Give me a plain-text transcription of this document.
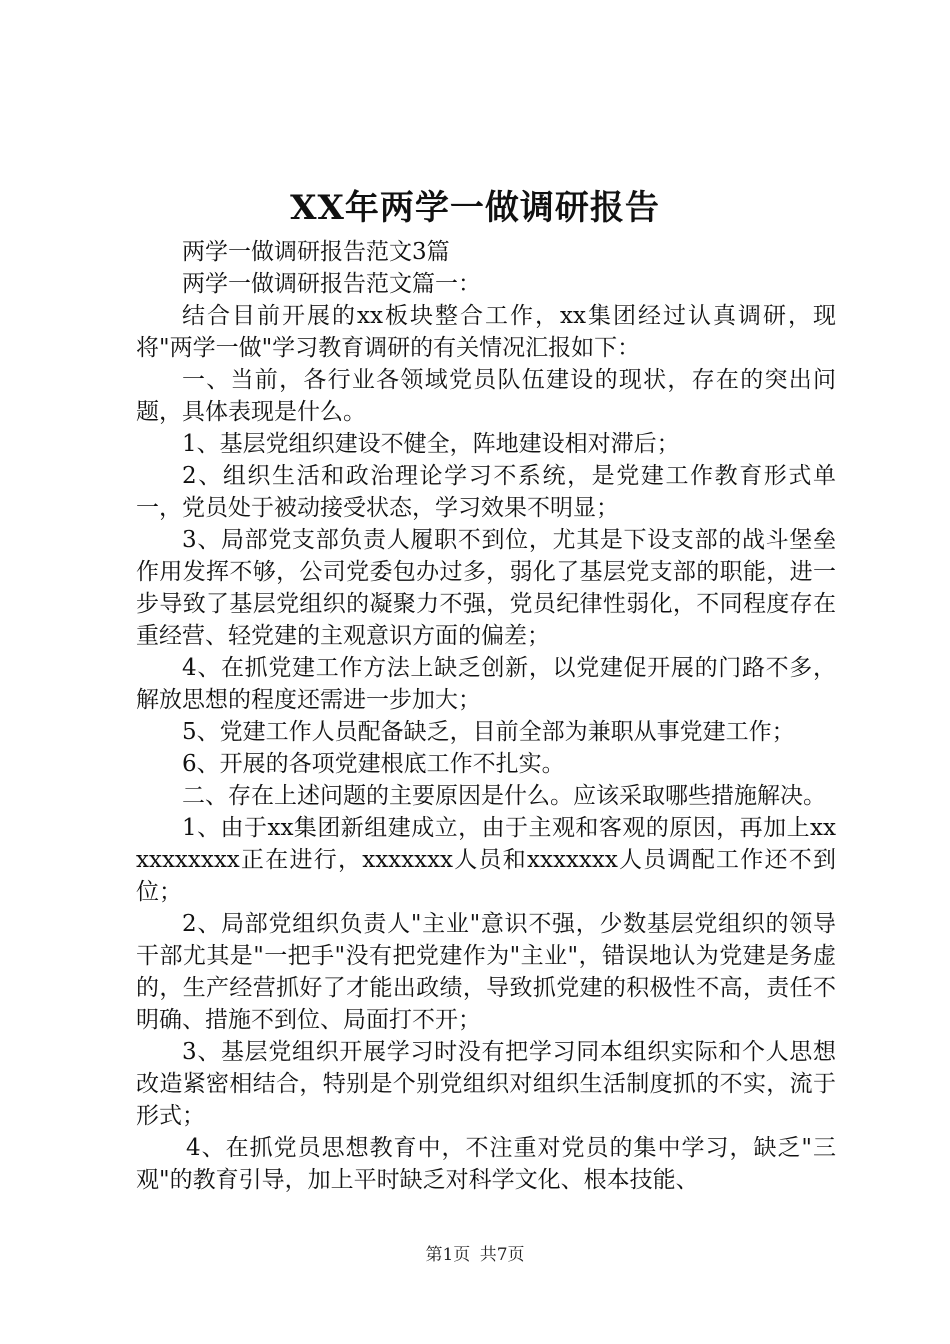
XX年两学一做调研报告

两学一做调研报告范文3篇

两学一做调研报告范文篇一：

结合目前开展的xx板块整合工作，xx集团经过认真调研，现将"两学一做"学习教育调研的有关情况汇报如下：

一、当前，各行业各领域党员队伍建设的现状，存在的突出问题，具体表现是什么。

1、基层党组织建设不健全，阵地建设相对滞后；

2、组织生活和政治理论学习不系统，是党建工作教育形式单一，党员处于被动接受状态，学习效果不明显；

3、局部党支部负责人履职不到位，尤其是下设支部的战斗堡垒作用发挥不够，公司党委包办过多，弱化了基层党支部的职能，进一步导致了基层党组织的凝聚力不强，党员纪律性弱化，不同程度存在重经营、轻党建的主观意识方面的偏差；

4、在抓党建工作方法上缺乏创新，以党建促开展的门路不多，解放思想的程度还需进一步加大；

5、党建工作人员配备缺乏，目前全部为兼职从事党建工作；

6、开展的各项党建根底工作不扎实。

二、存在上述问题的主要原因是什么。应该采取哪些措施解决。

1、由于xx集团新组建成立，由于主观和客观的原因，再加上xxxxxxxxxx正在进行，xxxxxxx人员和xxxxxxx人员调配工作还不到位；

2、局部党组织负责人"主业"意识不强，少数基层党组织的领导干部尤其是"一把手"没有把党建作为"主业"，错误地认为党建是务虚的，生产经营抓好了才能出政绩，导致抓党建的积极性不高，责任不明确、措施不到位、局面打不开；

3、基层党组织开展学习时没有把学习同本组织实际和个人思想改造紧密相结合，特别是个别党组织对组织生活制度抓的不实，流于形式；

4、在抓党员思想教育中，不注重对党员的集中学习，缺乏"三观"的教育引导，加上平时缺乏对科学文化、根本技能、

第1页 共7页
